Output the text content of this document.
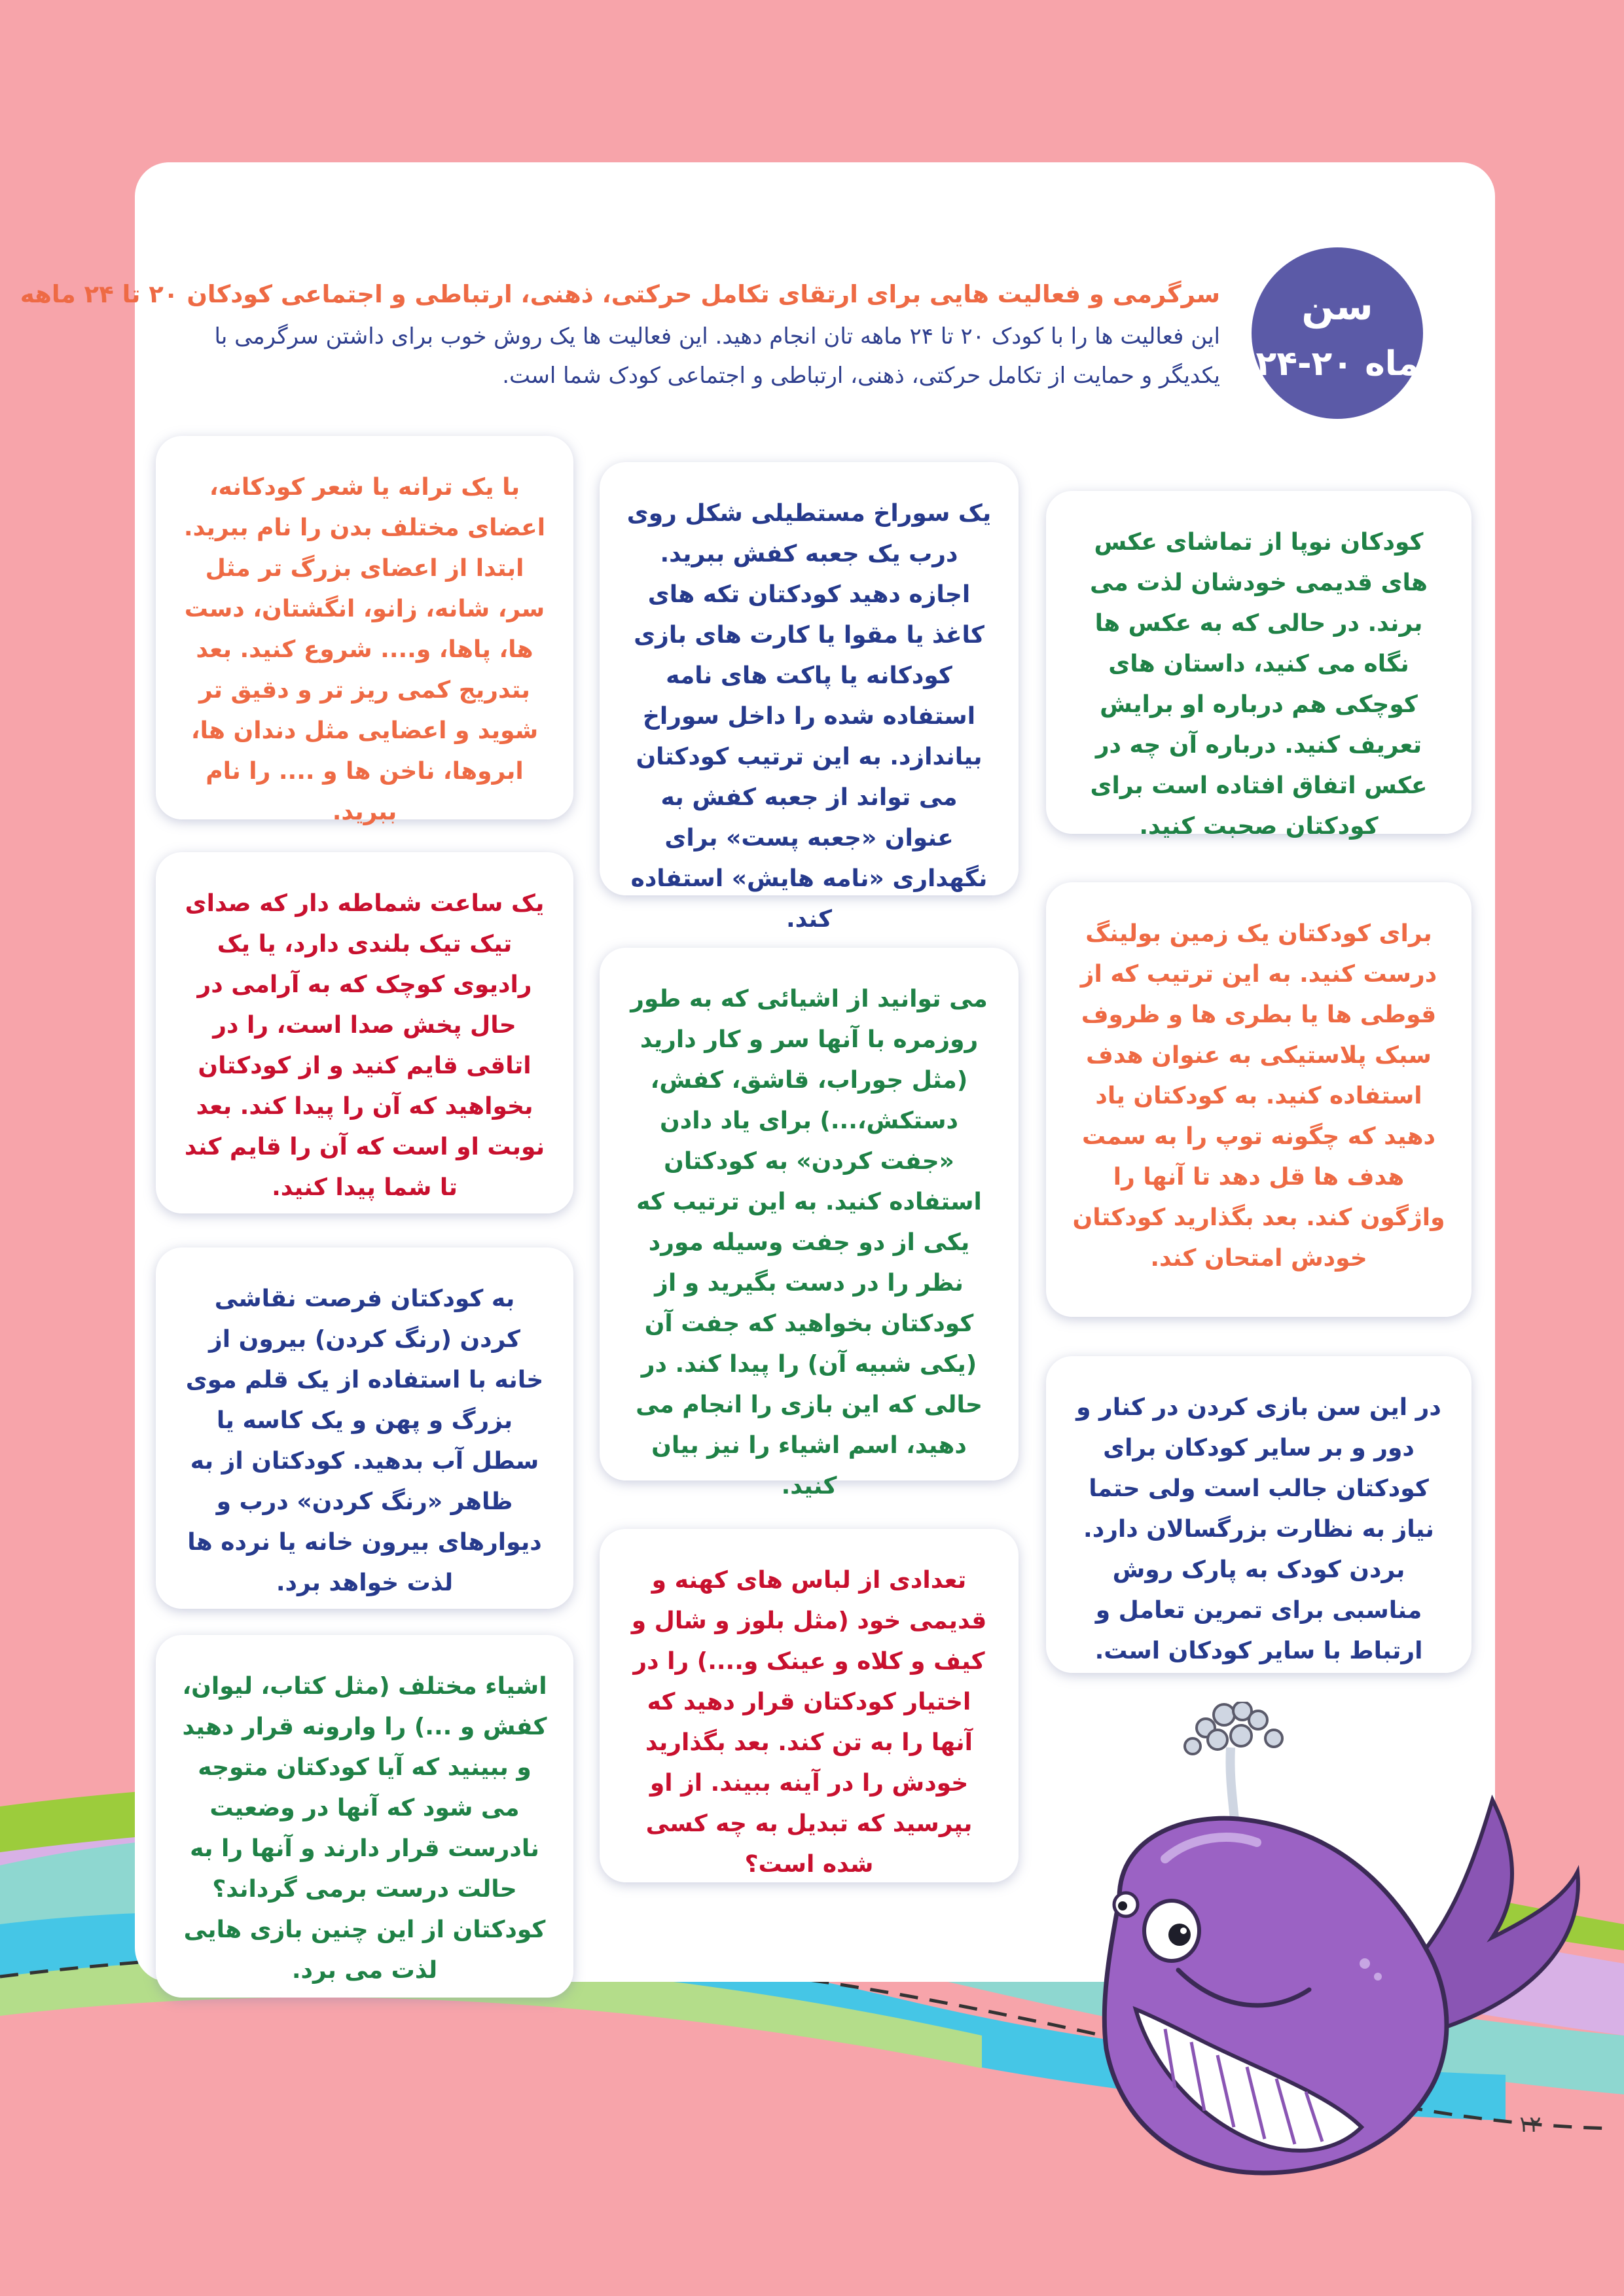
سن
۲۴-۲۰ ماه
سرگرمی و فعالیت هایی برای ارتقای تکامل حرکتی، ذهنی، ارتباطی و اجتماعی کودکان ۲۰ تا ۲۴ ماهه
این فعالیت ها را با کودک ۲۰ تا ۲۴ ماهه تان انجام دهید. این فعالیت ها یک روش خوب برای داشتن سرگرمی با یکدیگر و حمایت از تکامل حرکتی، ذهنی، ارتباطی و اجتماعی کودک شما است.

کودکان نوپا از تماشای عکس های قدیمی خودشان لذت می برند. در حالی که به عکس ها نگاه می کنید، داستان های کوچکی هم درباره او برایش تعریف کنید. درباره آن چه در عکس اتفاق افتاده است برای کودکتان صحبت کنید.

برای کودکتان یک زمین بولینگ درست کنید. به این ترتیب که از قوطی ها یا بطری ها و ظروف سبک پلاستیکی به عنوان هدف استفاده کنید. به کودکتان یاد دهید که چگونه توپ را به سمت هدف ها قل دهد تا آنها را واژگون کند. بعد بگذارید کودکتان خودش امتحان کند.

در این سن بازی کردن در کنار و دور و بر سایر کودکان برای کودکتان جالب است ولی حتما نیاز به نظارت بزرگسالان دارد. بردن کودک به پارک روش مناسبی برای تمرین تعامل و ارتباط با سایر کودکان است.

یک سوراخ مستطیلی شکل روی درب یک جعبه کفش ببرید. اجازه دهید کودکتان تکه های کاغذ یا مقوا یا کارت های بازی کودکانه یا پاکت های نامه استفاده شده را داخل سوراخ بیاندازد. به این ترتیب کودکتان می تواند از جعبه کفش به عنوان «جعبه پست» برای نگهداری «نامه هایش» استفاده کند.

می توانید از اشیائی که به طور روزمره با آنها سر و کار دارید (مثل جوراب، قاشق، کفش، دستکش،...) برای یاد دادن «جفت کردن» به کودکتان استفاده کنید. به این ترتیب که یکی از دو جفت وسیله مورد نظر را در دست بگیرید و از کودکتان بخواهید که جفت آن (یکی شبیه آن) را پیدا کند. در حالی که این بازی را انجام می دهید، اسم اشیاء را نیز بیان کنید.

تعدادی از لباس های کهنه و قدیمی خود (مثل بلوز و شال و کیف و کلاه و عینک و....) را در اختیار کودکتان قرار دهید که آنها را به تن کند. بعد بگذارید خودش را در آینه ببیند. از او بپرسید که تبدیل به چه کسی شده است؟

با یک ترانه یا شعر کودکانه، اعضای مختلف بدن را نام ببرید. ابتدا از اعضای بزرگ تر مثل سر، شانه، زانو، انگشتان، دست ها، پاها، و.... شروع کنید. بعد بتدریج کمی ریز تر و دقیق تر شوید و اعضایی مثل دندان ها، ابروها، ناخن ها و .... را نام ببرید.

یک ساعت شماطه دار که صدای تیک تیک بلندی دارد، یا یک رادیوی کوچک که به آرامی در حال پخش صدا است، را در اتاقی قایم کنید و از کودکتان بخواهید که آن را پیدا کند. بعد نوبت او است که آن را قایم کند تا شما پیدا کنید.

به کودکتان فرصت نقاشی کردن (رنگ کردن) بیرون از خانه با استفاده از یک قلم موی بزرگ و پهن و یک کاسه یا سطل آب بدهید. کودکتان از به ظاهر «رنگ کردن» درب و دیوارهای بیرون خانه یا نرده ها لذت خواهد برد.

اشیاء مختلف (مثل کتاب، لیوان، کفش و ...) را وارونه قرار دهید و ببینید که آیا کودکتان متوجه می شود که آنها در وضعیت نادرست قرار دارند و آنها را به حالت درست برمی گرداند؟ کودکتان از این چنین بازی هایی لذت می برد.

۱۲
